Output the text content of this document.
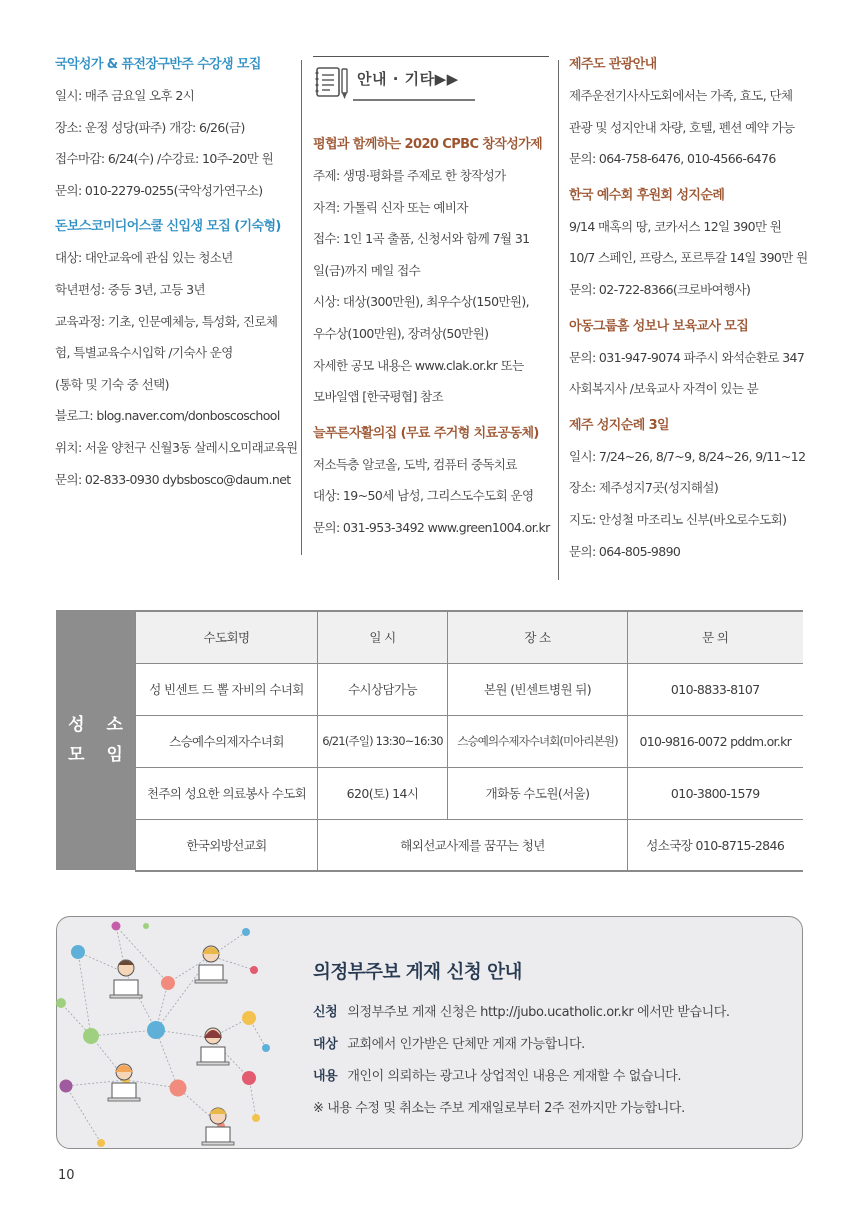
국악성가 & 퓨전장구반주 수강생 모집
일시: 매주 금요일 오후 2시
장소: 운정 성당(파주) 개강: 6/26(금)
접수마감: 6/24(수) /수강료: 10주-20만 원
문의: 010-2279-0255(국악성가연구소)
돈보스코미디어스쿨 신입생 모집 (기숙형)
대상: 대안교육에 관심 있는 청소년
학년편성: 중등 3년, 고등 3년
교육과정: 기초, 인문예체능, 특성화, 진로체
험, 특별교육수시입학 /기숙사 운영
(통학 및 기숙 중 선택)
블로그: blog.naver.com/donboscoschool
위치: 서울 양천구 신월3동 살레시오미래교육원
문의: 02-833-0930 dybsbosco@daum.net
안내 · 기타▶▶
평협과 함께하는 2020 CPBC 창작성가제
주제: 생명·평화를 주제로 한 창작성가
자격: 가톨릭 신자 또는 예비자
접수: 1인 1곡 출품, 신청서와 함께 7월 31
일(금)까지 메일 접수
시상: 대상(300만원), 최우수상(150만원),
우수상(100만원), 장려상(50만원)
자세한 공모 내용은 www.clak.or.kr 또는
모바일앱 [한국평협] 참조
늘푸른자활의집 (무료 주거형 치료공동체)
저소득층 알코올, 도박, 컴퓨터 중독치료
대상: 19~50세 남성, 그리스도수도회 운영
문의: 031-953-3492 www.green1004.or.kr
제주도 관광안내
제주운전기사사도회에서는 가족, 효도, 단체
관광 및 성지안내 차량, 호텔, 펜션 예약 가능
문의: 064-758-6476, 010-4566-6476
한국 예수회 후원회 성지순례
9/14 매혹의 땅, 코카서스 12일 390만 원
10/7 스페인, 프랑스, 포르투갈 14일 390만 원
문의: 02-722-8366(크로바여행사)
아동그룹홈 성보나 보육교사 모집
문의: 031-947-9074 파주시 와석순환로 347
사회복지사 /보육교사 자격이 있는 분
제주 성지순례 3일
일시: 7/24~26, 8/7~9, 8/24~26, 9/11~12
장소: 제주성지7곳(성지해설)
지도: 안성철 마조리노 신부(바오로수도회)
문의: 064-805-9890
성 소
모 임
수도회명	일 시	장 소	문 의
성 빈센트 드 뽈 자비의 수녀회	수시상담가능	본원 (빈센트병원 뒤)	010-8833-8107
스승예수의제자수녀회	6/21(주일) 13:30~16:30	스승예의수제자수녀회(미아리본원)	010-9816-0072 pddm.or.kr
천주의 성요한 의료봉사 수도회	620(토) 14시	개화동 수도원(서울)	010-3800-1579
한국외방선교회	해외선교사제를 꿈꾸는 청년		성소국장 010-8715-2846
의정부주보 게재 신청 안내
신청 의정부주보 게재 신청은 http://jubo.ucatholic.or.kr 에서만 받습니다.
대상 교회에서 인가받은 단체만 게재 가능합니다.
내용 개인이 의뢰하는 광고나 상업적인 내용은 게재할 수 없습니다.
※ 내용 수정 및 취소는 주보 게재일로부터 2주 전까지만 가능합니다.
10
